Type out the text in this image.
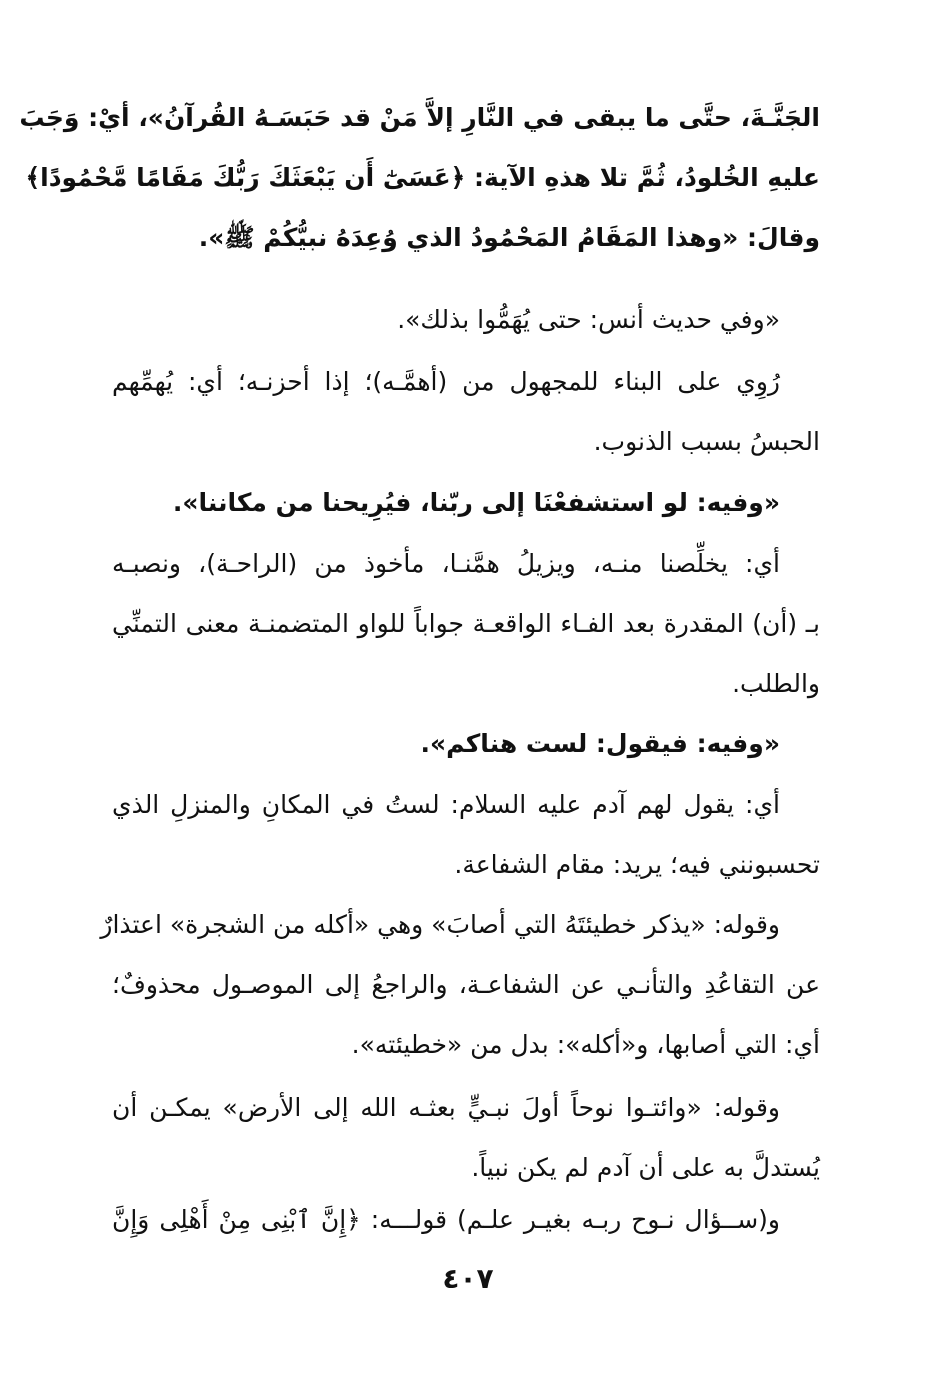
الجَنَّـةَ، حتَّى ما يبقى في النَّارِ إلاَّ مَنْ قد حَبَسَـهُ القُرآنُ»، أيْ: وَجَبَ
عليهِ الخُلودُ، ثُمَّ تلا هذهِ الآية: ﴿عَسَىٰٓ أَن يَبْعَثَكَ رَبُّكَ مَقَامًا مَّحْمُودًا﴾
وقالَ: «وهذا المَقَامُ المَحْمُودُ الذي وُعِدَهُ نبيُّكُمْ ﷺ».
«وفي حديث أنس: حتى يُهَمُّوا بذلك».
رُوِي على البناء للمجهول من (أهمَّـه)؛ إذا أحزنـه؛ أي: يُهمِّهم
الحبسُ بسبب الذنوب.
«وفيه: لو استشفعْنَا إلى ربّنا، فيُرِيحنا من مكاننا».
أي: يخلِّصنا منـه، ويزيلُ همَّنـا، مأخوذ من (الراحـة)، ونصبـه
بـ (أن) المقدرة بعد الفـاء الواقعـة جواباً للواو المتضمنـة معنى التمنِّي
والطلب.
«وفيه: فيقول: لست هناكم».
أي: يقول لهم آدم عليه السلام: لستُ في المكانِ والمنزلِ الذي
تحسبونني فيه؛ يريد: مقام الشفاعة.
وقوله: «يذكر خطيئتَهُ التي أصابَ» وهي «أكله من الشجرة» اعتذارٌ
عن التقاعُدِ والتأنـي عن الشفاعـة، والراجعُ إلى الموصـول محذوفٌ؛
أي: التي أصابها، و«أكله»: بدل من «خطيئته».
وقوله: «وائتـوا نوحاً أولَ نبـيٍّ بعثـه الله إلى الأرض» يمكـن أن
يُستدلَّ به على أن آدم لم يكن نبياً.
و(ســؤال نـوح ربـه بغيـر علـم) قولـــه: ﴿إِنَّ ٱبْنِى مِنْ أَهْلِى وَإِنَّ
٤٠٧
